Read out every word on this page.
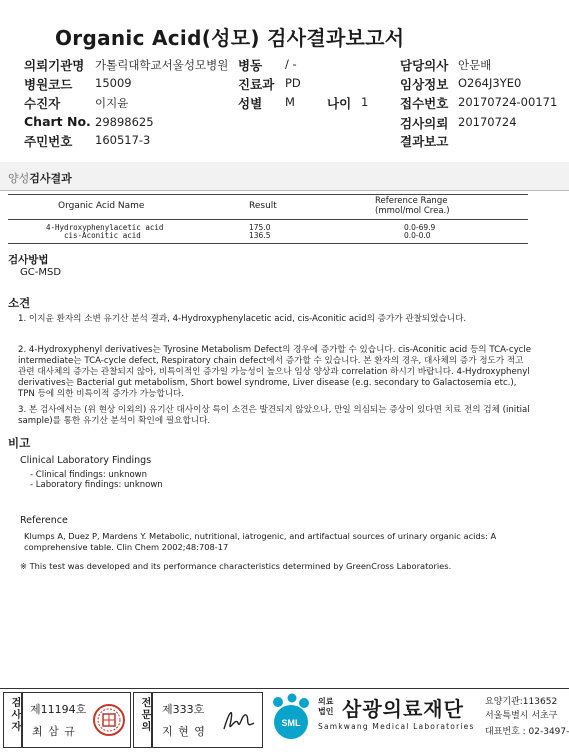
Organic Acid(성모) 검사결과보고서
의뢰기관명 가톨릭대학교서울성모병원 병동 / -	담당의사 안문배
병원코드 15009	진료과 PD	임상정보 O264J3YE0
수진자	이지윤	성별 M	나이 1	접수번호 20170724-00171
Chart No. 29898625	검사의뢰 20170724
주민번호 160517-3	결과보고
양성검사결과
Organic Acid Name	Result	Reference Range
(mmol/mol Crea.)
4-Hydroxyphenylacetic acid	175.0	0.0-69.9
cis-Aconitic acid	136.5	0.0-0.0
검사방법
GC-MSD
소견
1. 이지윤 환자의 소변 유기산 분석 결과, 4-Hydroxyphenylacetic acid, cis-Aconitic acid의 증가가 관찰되었습니다.
2. 4-Hydroxyphenyl derivatives는 Tyrosine Metabolism Defect의 경우에 증가할 수 있습니다. cis-Aconitic acid 등의 TCA-cycle intermediate는 TCA-cycle defect, Respiratory chain defect에서 증가할 수 있습니다. 본 환자의 경우, 대사체의 증가 정도가 적고 관련 대사체의 증가는 관찰되지 않아, 비특이적인 증가일 가능성이 높으나 임상 양상과 correlation 하시기 바랍니다. 4-Hydroxyphenyl derivatives는 Bacterial gut metabolism, Short bowel syndrome, Liver disease (e.g. secondary to Galactosemia etc.), TPN 등에 의한 비특이적 증가가 가능합니다.
3. 본 검사에서는 (위 현상 이외의) 유기산 대사이상 특이 소견은 발견되지 않았으나, 만일 의심되는 증상이 있다면 치료 전의 검체 (initial sample)를 통한 유기산 분석이 확인에 필요합니다.
비고
Clinical Laboratory Findings
- Clinical findings: unknown
- Laboratory findings: unknown
Reference
Klumps A, Duez P, Mardens Y. Metabolic, nutritional, iatrogenic, and artifactual sources of urinary organic acids: A comprehensive table. Clin Chem 2002;48:708-17
※ This test was developed and its performance characteristics determined by GreenCross Laboratories.
검사자 제11194호
최 삼 규	전문의 제333호
지 현 영
SML
의료
법인 삼광의료재단
Samkwang Medical Laboratories
요양기관:113652
서울특별시 서초구
대표번호 : 02-3497-
